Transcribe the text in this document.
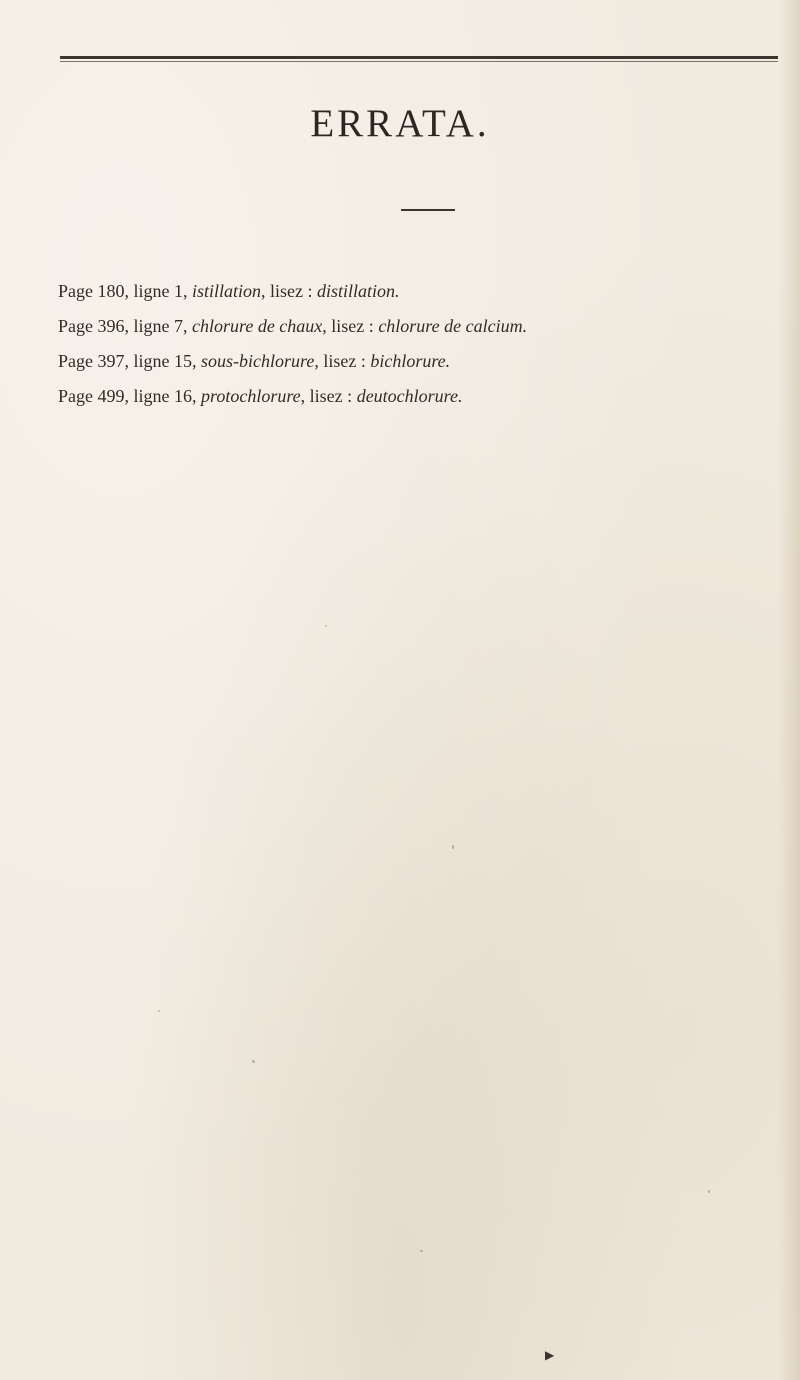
ERRATA.
Page 180, ligne 1, istillation, lisez : distillation.
Page 396, ligne 7, chlorure de chaux, lisez : chlorure de calcium.
Page 397, ligne 15, sous-bichlorure, lisez : bichlorure.
Page 499, ligne 16, protochlorure, lisez : deutochlorure.
▶
